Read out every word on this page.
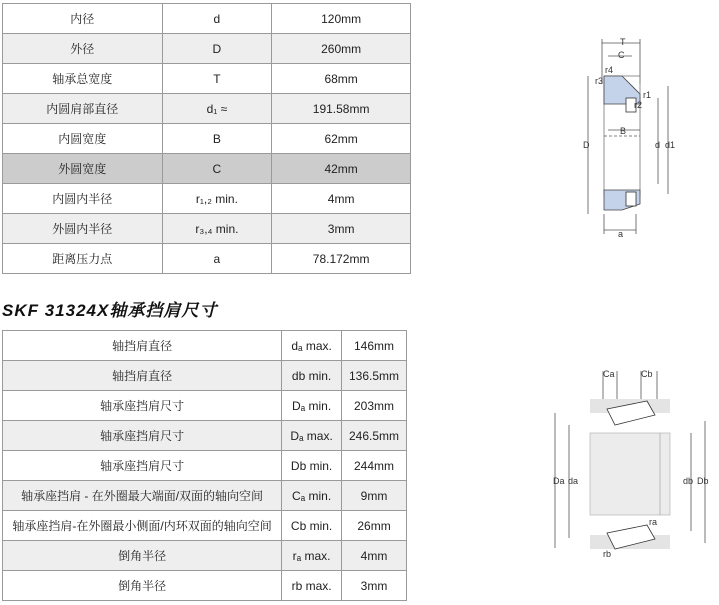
内径	d	120mm
外径	D	260mm
轴承总宽度	T	68mm
内圆肩部直径	d₁ ≈	191.58mm
内圆宽度	B	62mm
外圆宽度	C	42mm
内圆内半径	r₁,₂ min.	4mm
外圆内半径	r₃,₄ min.	3mm
距离压力点	a	78.172mm
SKF 31324X轴承挡肩尺寸
轴挡肩直径	dₐ max.	146mm
轴挡肩直径	db min.	136.5mm
轴承座挡肩尺寸	Dₐ min.	203mm
轴承座挡肩尺寸	Dₐ max.	246.5mm
轴承座挡肩尺寸	Db min.	244mm
轴承座挡肩 - 在外圈最大端面/双面的轴向空间	Cₐ min.	9mm
轴承座挡肩-在外圈最小侧面/内环双面的轴向空间	Cb min.	26mm
倒角半径	rₐ max.	4mm
倒角半径	rb max.	3mm
T
C
r4
r3
r1
r2
B
D	d d1
a
Ca	Cb
Da da	db Db
ra
rb
